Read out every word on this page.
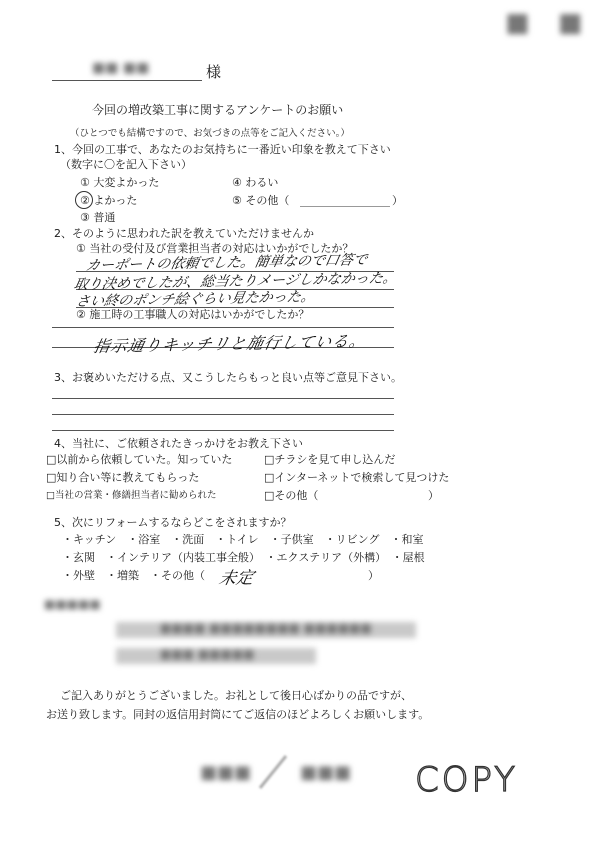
■ ■
■■ ■■	様
今回の増改築工事に関するアンケートのお願い
（ひとつでも結構ですので、お気づきの点等をご記入ください。）
1、今回の工事で、あなたのお気持ちに一番近い印象を教えて下さい
（数字に〇を記入下さい）
① 大変よかった
② よかった
③ 普通
④ わるい
⑤ その他（	）
2、そのように思われた訳を教えていただけませんか
① 当社の受付及び営業担当者の対応はいかがでしたか？
カーポートの依頼でした。簡単なので口答で
取り決めでしたが、総当たりメージしかなかった。
さい終のポンチ絵ぐらい見たかった。
② 施工時の工事職人の対応はいかがでしたか？
指示通りキッチリと施行している。
3、お褒めいただける点、又こうしたらもっと良い点等ご意見下さい。
4、当社に、ご依頼されたきっかけをお教え下さい
□以前から依頼していた。知っていた
□知り合い等に教えてもらった
□当社の営業・修繕担当者に勧められた
□チラシを見て申し込んだ
□インターネットで検索して見つけた
□その他（	）
5、次にリフォームするならどこをされますか？
・キッチン　・浴室　・洗面　・トイレ　・子供室　・リビング　・和室
・玄関　・インテリア（内装工事全般）　・エクステリア（外構）　・屋根
・外壁　・増築　・その他（ 未定	）
■■■■■
■■■■ ■■■■■■■■ ■■■■■■
■■■ ■■■■■
ご記入ありがとうございました。お礼として後日心ばかりの品ですが、
お送り致します。同封の返信用封筒にてご返信のほどよろしくお願いします。
■■■	■■■ COPY
